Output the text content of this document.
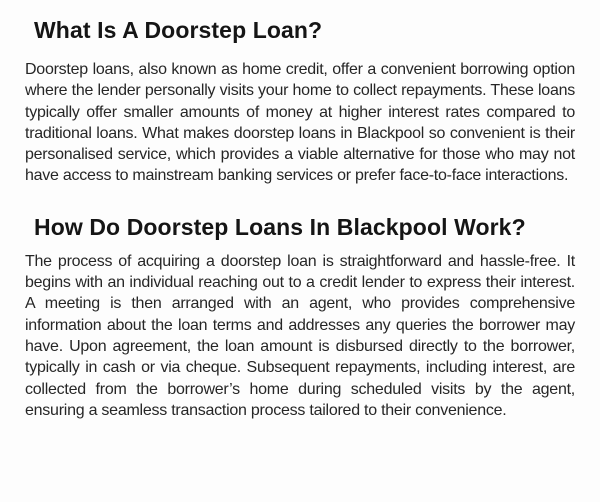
What Is A Doorstep Loan?

Doorstep loans, also known as home credit, offer a convenient borrowing option where the lender personally visits your home to collect repayments. These loans typically offer smaller amounts of money at higher interest rates compared to traditional loans. What makes doorstep loans in Blackpool so convenient is their personalised service, which provides a viable alternative for those who may not have access to mainstream banking services or prefer face-to-face interactions.

How Do Doorstep Loans In Blackpool Work?

The process of acquiring a doorstep loan is straightforward and hassle-free. It begins with an individual reaching out to a credit lender to express their interest. A meeting is then arranged with an agent, who provides comprehensive information about the loan terms and addresses any queries the borrower may have. Upon agreement, the loan amount is disbursed directly to the borrower, typically in cash or via cheque. Subsequent repayments, including interest, are collected from the borrower’s home during scheduled visits by the agent, ensuring a seamless transaction process tailored to their convenience.
